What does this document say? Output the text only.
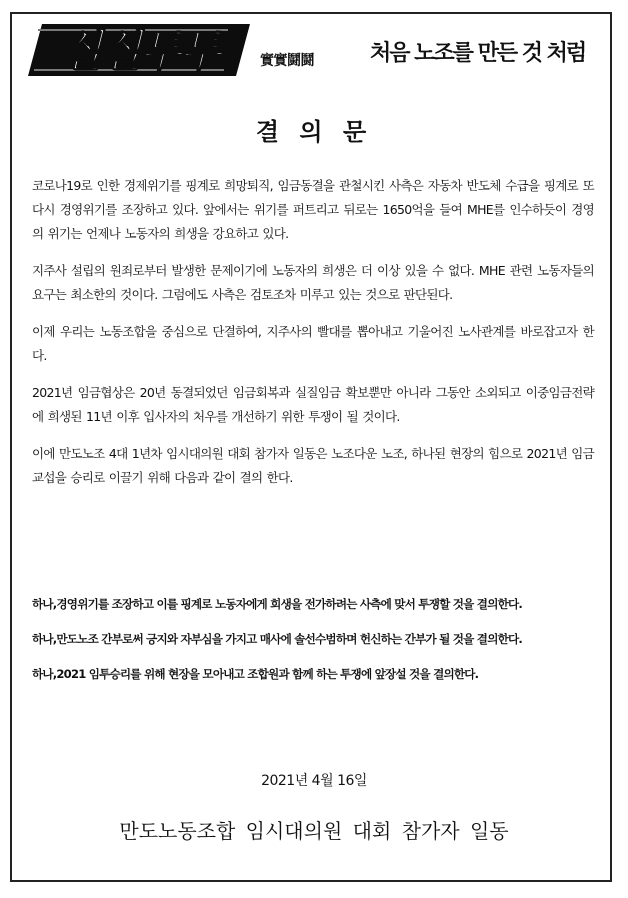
실실투투	實實鬪鬪	처음 노조를 만든 것 처럼
결 의 문

코로나19로 인한 경제위기를 핑계로 희망퇴직, 임금동결을 관철시킨 사측은 자동차 반도체 수급을 핑계로 또다시 경영위기를 조장하고 있다. 앞에서는 위기를 퍼트리고 뒤로는 1650억을 들여 MHE를 인수하듯이 경영의 위기는 언제나 노동자의 희생을 강요하고 있다.

지주사 설립의 원죄로부터 발생한 문제이기에 노동자의 희생은 더 이상 있을 수 없다. MHE 관련 노동자들의 요구는 최소한의 것이다. 그럼에도 사측은 검토조차 미루고 있는 것으로 판단된다.

이제 우리는 노동조합을 중심으로 단결하여, 지주사의 빨대를 뽑아내고 기울어진 노사관계를 바로잡고자 한다.

2021년 임금협상은 20년 동결되었던 임금회복과 실질임금 확보뿐만 아니라 그동안 소외되고 이중임금전략에 희생된 11년 이후 입사자의 처우를 개선하기 위한 투쟁이 될 것이다.

이에 만도노조 4대 1년차 임시대의원 대회 참가자 일동은 노조다운 노조, 하나된 현장의 힘으로 2021년 임금교섭을 승리로 이끌기 위해 다음과 같이 결의 한다.

하나, 경영위기를 조장하고 이를 핑계로 노동자에게 희생을 전가하려는 사측에 맞서 투쟁할 것을 결의한다.
하나, 만도노조 간부로써 긍지와 자부심을 가지고 매사에 솔선수범하며 헌신하는 간부가 될 것을 결의한다.
하나, 2021 임투승리를 위해 현장을 모아내고 조합원과 함께 하는 투쟁에 앞장설 것을 결의한다.
2021년 4월 16일
만도노동조합 임시대의원 대회 참가자 일동
